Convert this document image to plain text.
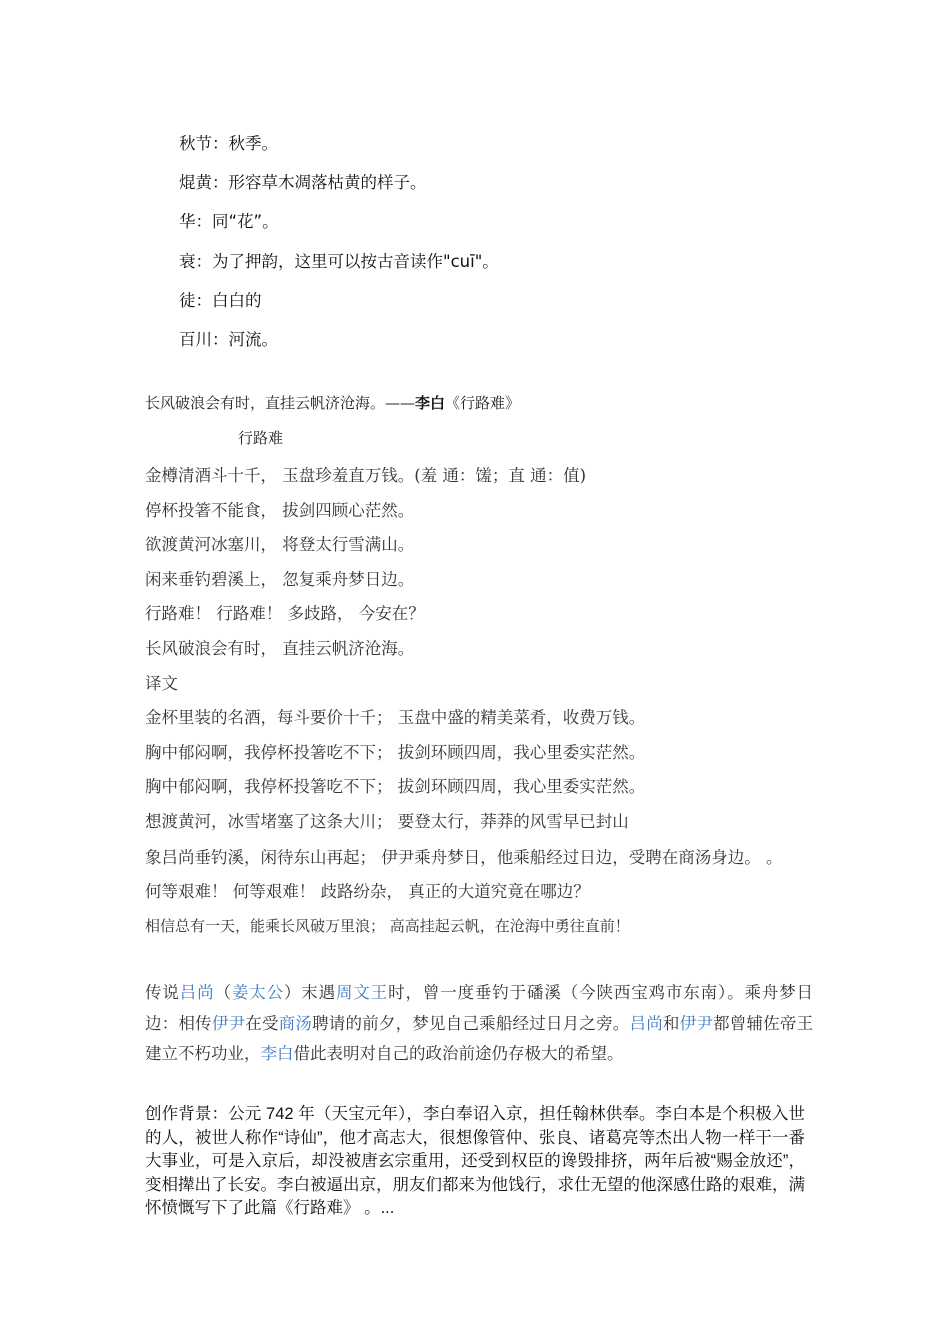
秋节：秋季。
焜黄：形容草木凋落枯黄的样子。
华：同“花”。
衰：为了押韵，这里可以按古音读作"cuī"。
徒：白白的
百川：河流。
长风破浪会有时，直挂云帆济沧海。——李白《行路难》
行路难
金樽清酒斗十千， 玉盘珍羞直万钱。(羞 通：馐；直 通：值)
停杯投箸不能食， 拔剑四顾心茫然。
欲渡黄河冰塞川， 将登太行雪满山。
闲来垂钓碧溪上， 忽复乘舟梦日边。
行路难！ 行路难！ 多歧路， 今安在？
长风破浪会有时， 直挂云帆济沧海。
译文
金杯里装的名酒，每斗要价十千； 玉盘中盛的精美菜肴，收费万钱。
胸中郁闷啊，我停杯投箸吃不下； 拔剑环顾四周，我心里委实茫然。
胸中郁闷啊，我停杯投箸吃不下； 拔剑环顾四周，我心里委实茫然。
想渡黄河，冰雪堵塞了这条大川； 要登太行，莽莽的风雪早已封山
象吕尚垂钓溪，闲待东山再起； 伊尹乘舟梦日，他乘船经过日边，受聘在商汤身边。 。
何等艰难！ 何等艰难！ 歧路纷杂， 真正的大道究竟在哪边？
相信总有一天，能乘长风破万里浪； 高高挂起云帆，在沧海中勇往直前！
传说吕尚（姜太公）末遇周文王时，曾一度垂钓于磻溪（今陕西宝鸡市东南）。乘舟梦日边：相传伊尹在受商汤聘请的前夕，梦见自己乘船经过日月之旁。吕尚和伊尹都曾辅佐帝王建立不朽功业，李白借此表明对自己的政治前途仍存极大的希望。
创作背景：公元 742 年（天宝元年），李白奉诏入京，担任翰林供奉。李白本是个积极入世的人，被世人称作“诗仙”，他才高志大，很想像管仲、张良、诸葛亮等杰出人物一样干一番大事业，可是入京后，却没被唐玄宗重用，还受到权臣的谗毁排挤，两年后被“赐金放还”，变相撵出了长安。李白被逼出京，朋友们都来为他饯行，求仕无望的他深感仕路的艰难，满怀愤慨写下了此篇《行路难》 。...
